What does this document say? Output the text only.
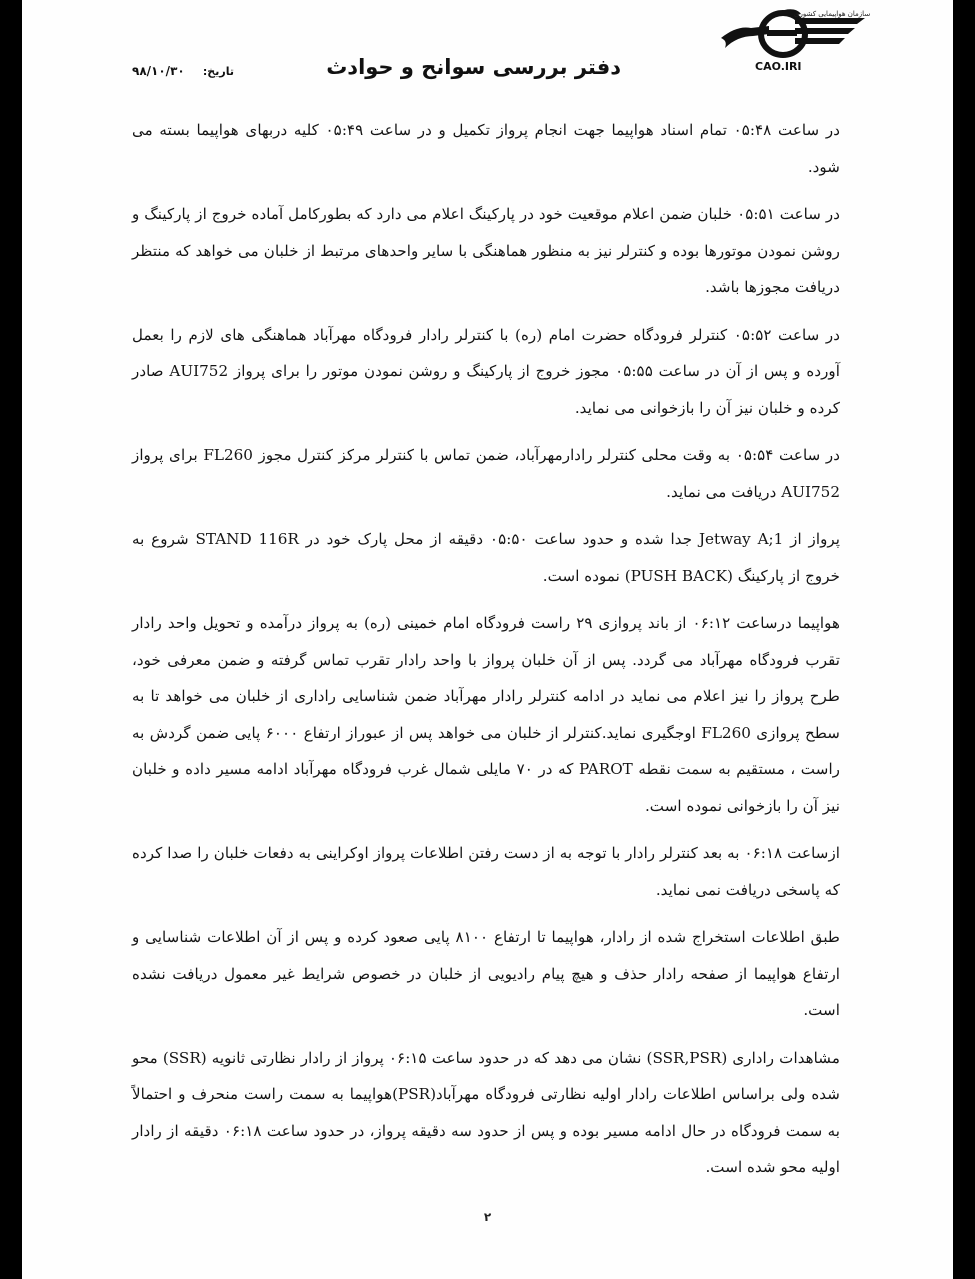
CAO.IRI
سازمان هواپیمایی کشوری
دفتر بررسی سوانح و حوادث
تاریخ: ۹۸/۱۰/۳۰

در ساعت ۰۵:۴۸ تمام اسناد هواپیما جهت انجام پرواز تکمیل و در ساعت ۰۵:۴۹ کلیه دربهای هواپیما بسته می شود.

در ساعت ۰۵:۵۱ خلبان ضمن اعلام موقعیت خود در پارکینگ اعلام می دارد که بطورکامل آماده خروج از پارکینگ و روشن نمودن موتورها بوده و کنترلر نیز به منظور هماهنگی با سایر واحدهای مرتبط از خلبان می خواهد که منتظر دریافت مجوزها باشد.

در ساعت ۰۵:۵۲ کنترلر فرودگاه حضرت امام (ره) با کنترلر رادار فرودگاه مهرآباد هماهنگی های لازم را بعمل آورده و پس از آن در ساعت ۰۵:۵۵ مجوز خروج از پارکینگ و روشن نمودن موتور را برای پرواز AUI752 صادر کرده و خلبان نیز آن را بازخوانی می نماید.

در ساعت ۰۵:۵۴ به وقت محلی کنترلر رادارمهرآباد، ضمن تماس با کنترلر مرکز کنترل مجوز FL260 برای پرواز AUI752 دریافت می نماید.

پرواز از Jetway A;1 جدا شده و حدود ساعت ۰۵:۵۰ دقیقه از محل پارک خود در STAND 116R شروع به خروج از پارکینگ (PUSH BACK) نموده است.

هواپیما درساعت ۰۶:۱۲ از باند پروازی ۲۹ راست فرودگاه امام خمینی (ره) به پرواز درآمده و تحویل واحد رادار تقرب فرودگاه مهرآباد می گردد. پس از آن خلبان پرواز با واحد رادار تقرب تماس گرفته و ضمن معرفی خود، طرح پرواز را نیز اعلام می نماید در ادامه کنترلر رادار مهرآباد ضمن شناسایی راداری از خلبان می خواهد تا به سطح پروازی FL260 اوجگیری نماید.کنترلر از خلبان می خواهد پس از عبوراز ارتفاع ۶۰۰۰ پایی ضمن گردش به راست ، مستقیم به سمت نقطه PAROT که در ۷۰ مایلی شمال غرب فرودگاه مهرآباد ادامه مسیر داده و خلبان نیز آن را بازخوانی نموده است.

ازساعت ۰۶:۱۸ به بعد کنترلر رادار با توجه به از دست رفتن اطلاعات پرواز اوکراینی به دفعات خلبان را صدا کرده که پاسخی دریافت نمی نماید.

طبق اطلاعات استخراج شده از رادار، هواپیما تا ارتفاع ۸۱۰۰ پایی صعود کرده و پس از آن اطلاعات شناسایی و ارتفاع هواپیما از صفحه رادار حذف و هیچ پیام رادیویی از خلبان در خصوص شرایط غیر معمول دریافت نشده است.

مشاهدات راداری (SSR,PSR) نشان می دهد که در حدود ساعت ۰۶:۱۵ پرواز از رادار نظارتی ثانویه (SSR) محو شده ولی براساس اطلاعات رادار اولیه نظارتی فرودگاه مهرآباد(PSR)هواپیما به سمت راست منحرف و احتمالاً به سمت فرودگاه در حال ادامه مسیر بوده و پس از حدود سه دقیقه پرواز، در حدود ساعت ۰۶:۱۸ دقیقه از رادار اولیه محو شده است.

۲
